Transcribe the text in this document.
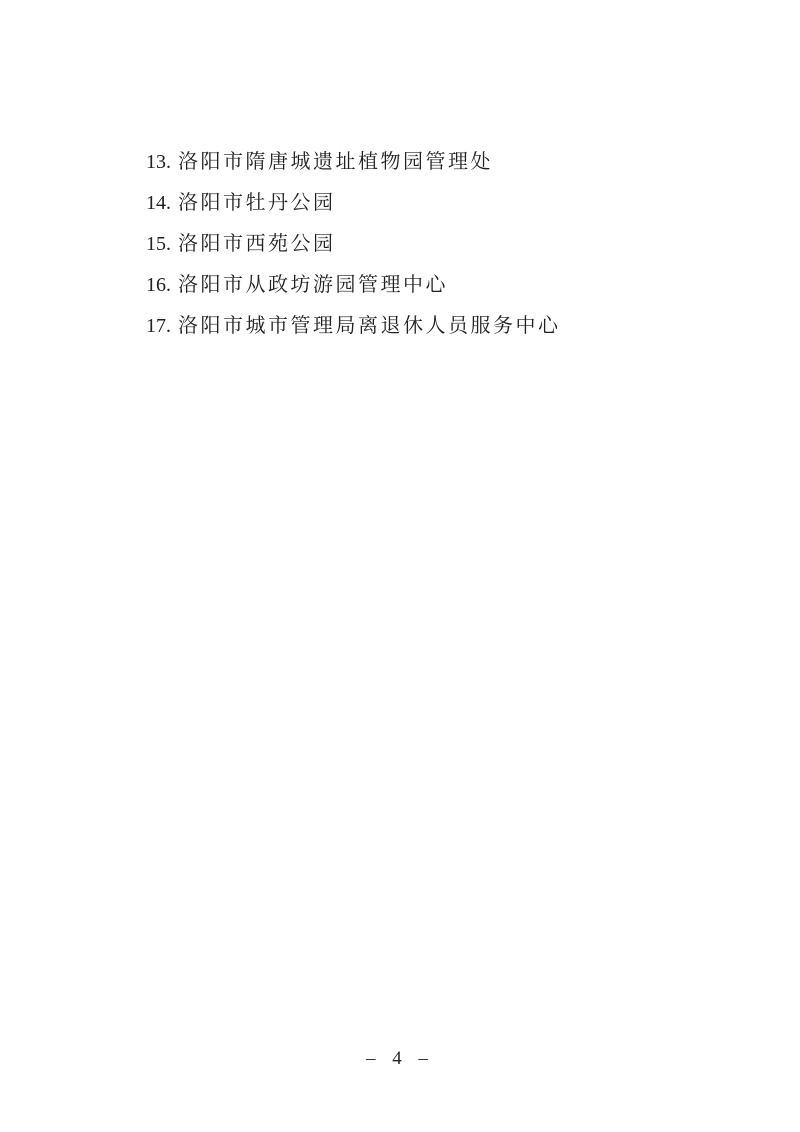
13. 洛阳市隋唐城遗址植物园管理处
14. 洛阳市牡丹公园
15. 洛阳市西苑公园
16. 洛阳市从政坊游园管理中心
17. 洛阳市城市管理局离退休人员服务中心
– 4 –
